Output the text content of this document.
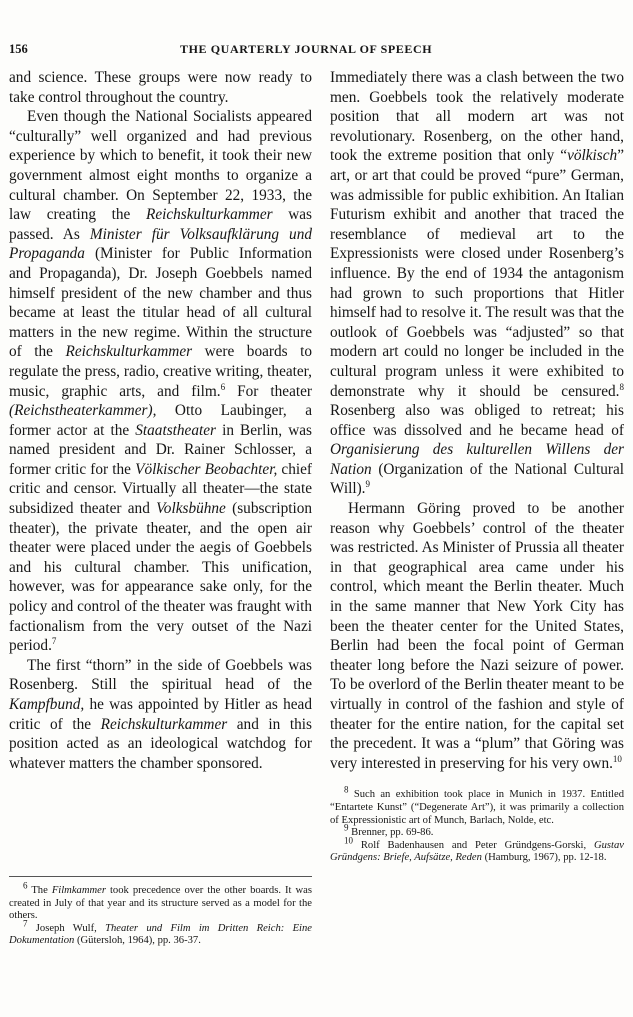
156	THE QUARTERLY JOURNAL OF SPEECH

and science. These groups were now ready to take control throughout the country.

Even though the National Socialists appeared “culturally” well organized and had previous experience by which to benefit, it took their new government almost eight months to organize a cultural chamber. On September 22, 1933, the law creating the Reichskulturkammer was passed. As Minister für Volksaufklärung und Propaganda (Minister for Public Information and Propaganda), Dr. Joseph Goebbels named himself president of the new chamber and thus became at least the titular head of all cultural matters in the new regime. Within the structure of the Reichskulturkammer were boards to regulate the press, radio, creative writing, theater, music, graphic arts, and film.$^6$ For theater (Reichstheaterkammer), Otto Laubinger, a former actor at the Staatstheater in Berlin, was named president and Dr. Rainer Schlosser, a former critic for the Völkischer Beobachter, chief critic and censor. Virtually all theater—the state subsidized theater and Volksbühne (subscription theater), the private theater, and the open air theater were placed under the aegis of Goebbels and his cultural chamber. This unification, however, was for appearance sake only, for the policy and control of the theater was fraught with factionalism from the very outset of the Nazi period.$^7$

The first “thorn” in the side of Goebbels was Rosenberg. Still the spiritual head of the Kampfbund, he was appointed by Hitler as head critic of the Reichskulturkammer and in this position acted as an ideological watchdog for whatever matters the chamber sponsored.

$^6$ The Filmkammer took precedence over the other boards. It was created in July of that year and its structure served as a model for the others.

$^7$ Joseph Wulf, Theater und Film im Dritten Reich: Eine Dokumentation (Gütersloh, 1964), pp. 36-37.

Immediately there was a clash between the two men. Goebbels took the relatively moderate position that all modern art was not revolutionary. Rosenberg, on the other hand, took the extreme position that only “völkisch” art, or art that could be proved “pure” German, was admissible for public exhibition. An Italian Futurism exhibit and another that traced the resemblance of medieval art to the Expressionists were closed under Rosenberg’s influence. By the end of 1934 the antagonism had grown to such proportions that Hitler himself had to resolve it. The result was that the outlook of Goebbels was “adjusted” so that modern art could no longer be included in the cultural program unless it were exhibited to demonstrate why it should be censured.$^8$ Rosenberg also was obliged to retreat; his office was dissolved and he became head of Organisierung des kulturellen Willens der Nation (Organization of the National Cultural Will).$^9$

Hermann Göring proved to be another reason why Goebbels’ control of the theater was restricted. As Minister of Prussia all theater in that geographical area came under his control, which meant the Berlin theater. Much in the same manner that New York City has been the theater center for the United States, Berlin had been the focal point of German theater long before the Nazi seizure of power. To be overlord of the Berlin theater meant to be virtually in control of the fashion and style of theater for the entire nation, for the capital set the precedent. It was a “plum” that Göring was very interested in preserving for his very own.$^{10}$

$^8$ Such an exhibition took place in Munich in 1937. Entitled “Entartete Kunst” (“Degenerate Art”), it was primarily a collection of Expressionistic art of Munch, Barlach, Nolde, etc.

$^9$ Brenner, pp. 69-86.

$^{10}$ Rolf Badenhausen and Peter Gründgens-Gorski, Gustav Gründgens: Briefe, Aufsätze, Reden (Hamburg, 1967), pp. 12-18.
